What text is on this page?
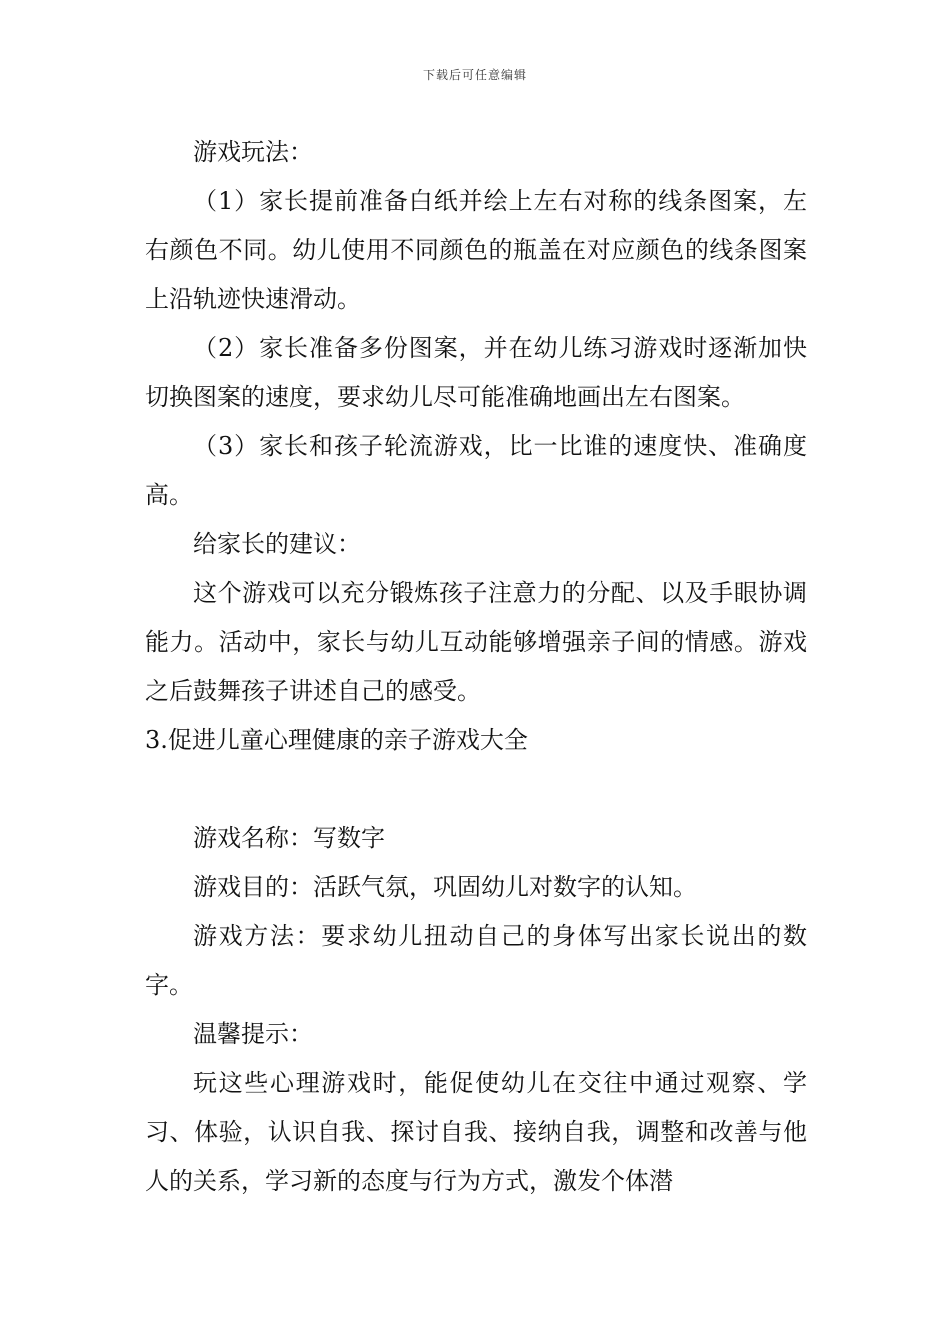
下载后可任意编辑

游戏玩法：

（1）家长提前准备白纸并绘上左右对称的线条图案，左右颜色不同。幼儿使用不同颜色的瓶盖在对应颜色的线条图案上沿轨迹快速滑动。

（2）家长准备多份图案，并在幼儿练习游戏时逐渐加快切换图案的速度，要求幼儿尽可能准确地画出左右图案。

（3）家长和孩子轮流游戏，比一比谁的速度快、准确度高。

给家长的建议：

这个游戏可以充分锻炼孩子注意力的分配、以及手眼协调能力。活动中，家长与幼儿互动能够增强亲子间的情感。游戏之后鼓舞孩子讲述自己的感受。

3.促进儿童心理健康的亲子游戏大全

游戏名称：写数字

游戏目的：活跃气氛，巩固幼儿对数字的认知。

游戏方法：要求幼儿扭动自己的身体写出家长说出的数字。

温馨提示：

玩这些心理游戏时，能促使幼儿在交往中通过观察、学习、体验，认识自我、探讨自我、接纳自我，调整和改善与他人的关系，学习新的态度与行为方式，激发个体潜
